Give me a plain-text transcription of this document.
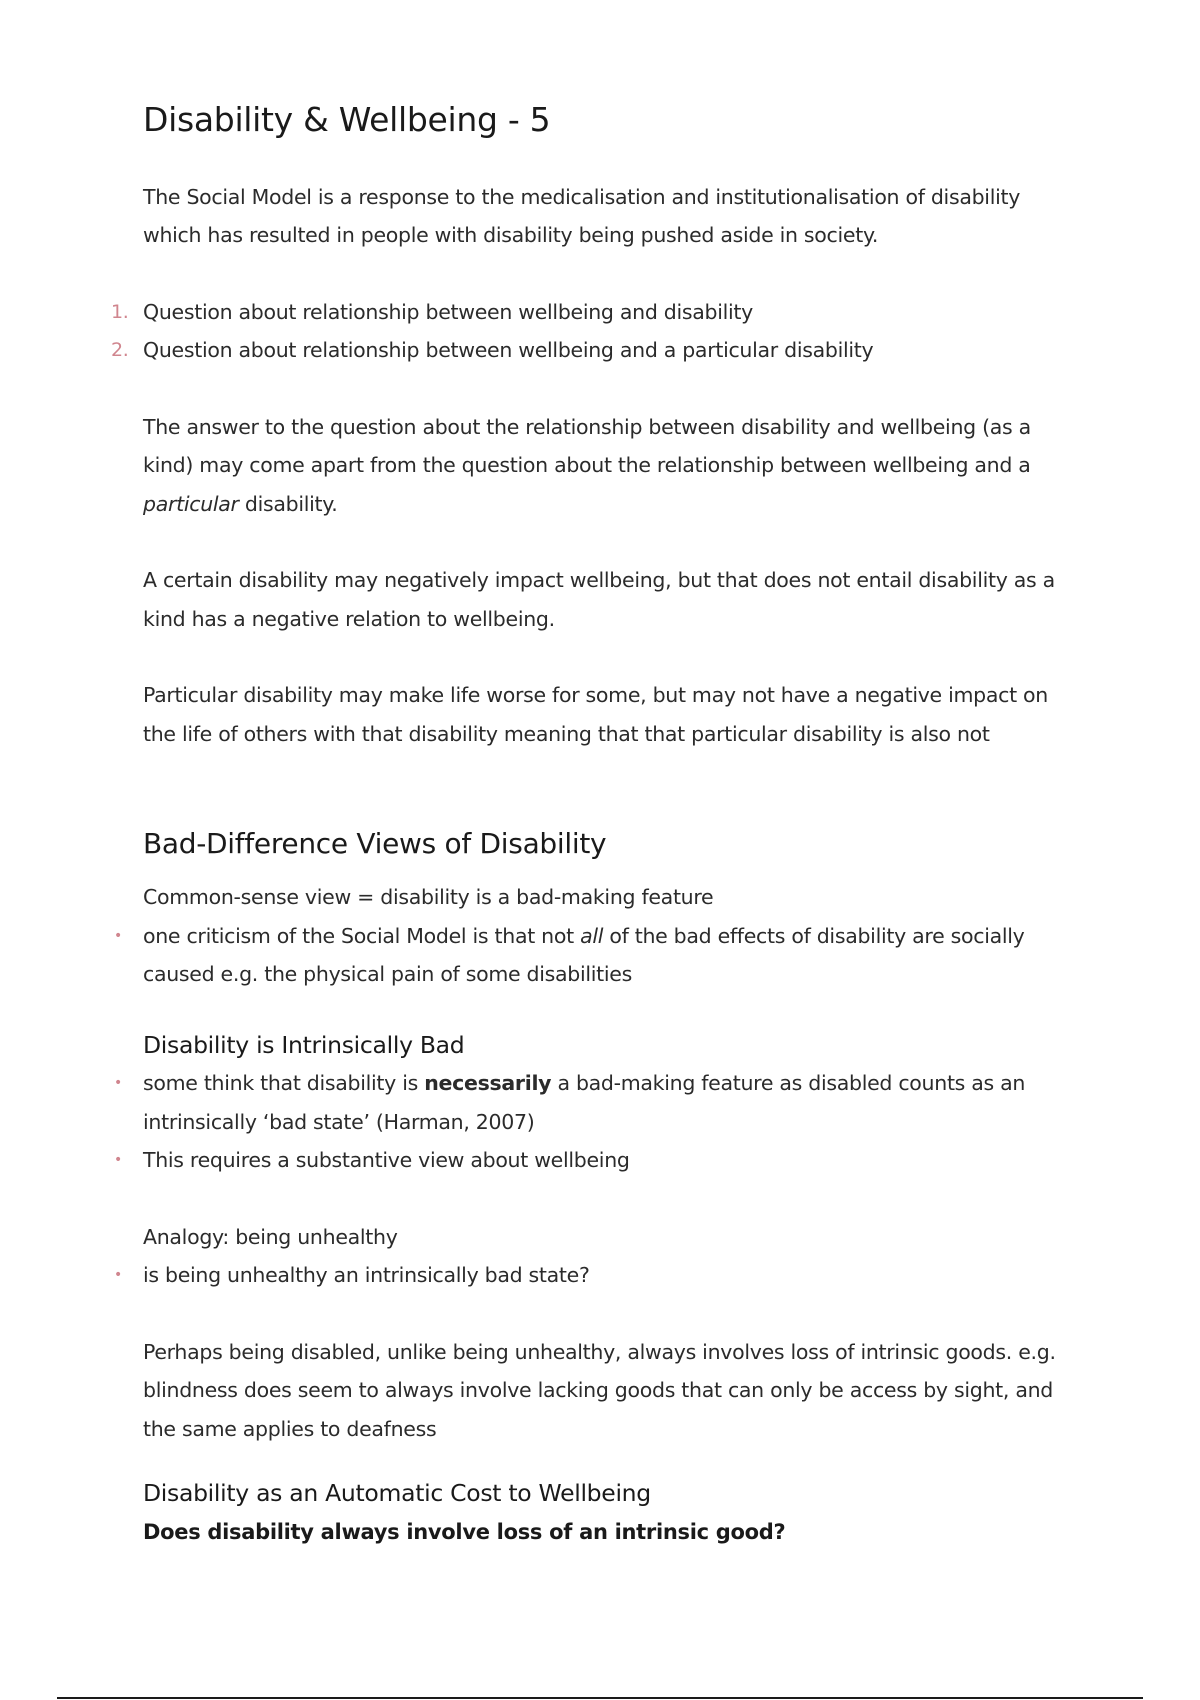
Disability & Wellbeing - 5

The Social Model is a response to the medicalisation and institutionalisation of disability which has resulted in people with disability being pushed aside in society.

1. Question about relationship between wellbeing and disability
2. Question about relationship between wellbeing and a particular disability

The answer to the question about the relationship between disability and wellbeing (as a kind) may come apart from the question about the relationship between wellbeing and a particular disability.

A certain disability may negatively impact wellbeing, but that does not entail disability as a kind has a negative relation to wellbeing.

Particular disability may make life worse for some, but may not have a negative impact on the life of others with that disability meaning that that particular disability is also not

Bad-Difference Views of Disability

Common-sense view = disability is a bad-making feature

• one criticism of the Social Model is that not all of the bad effects of disability are socially caused e.g. the physical pain of some disabilities
Disability is Intrinsically Bad
• some think that disability is necessarily a bad-making feature as disabled counts as an intrinsically ‘bad state’ (Harman, 2007)
• This requires a substantive view about wellbeing

Analogy: being unhealthy

• is being unhealthy an intrinsically bad state?

Perhaps being disabled, unlike being unhealthy, always involves loss of intrinsic goods. e.g. blindness does seem to always involve lacking goods that can only be access by sight, and the same applies to deafness

Disability as an Automatic Cost to Wellbeing

Does disability always involve loss of an intrinsic good?
